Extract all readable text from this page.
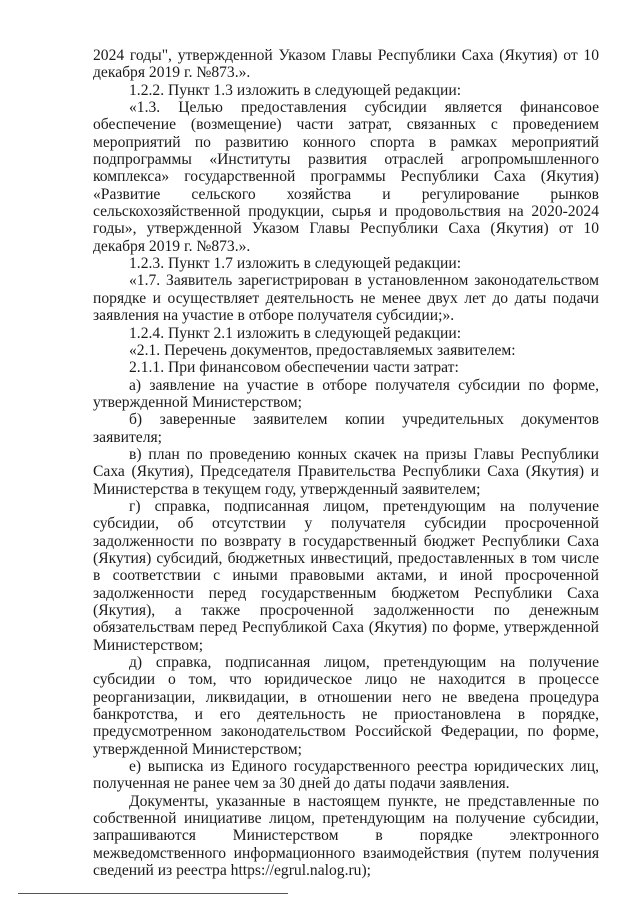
2024 годы", утвержденной Указом Главы Республики Саха (Якутия) от 10 декабря 2019 г. №873.».

1.2.2. Пункт 1.3 изложить в следующей редакции:

«1.3. Целью предоставления субсидии является финансовое обеспечение (возмещение) части затрат, связанных с проведением мероприятий по развитию конного спорта в рамках мероприятий подпрограммы «Институты развития отраслей агропромышленного комплекса» государственной программы Республики Саха (Якутия) «Развитие сельского хозяйства и регулирование рынков сельскохозяйственной продукции, сырья и продовольствия на 2020-2024 годы», утвержденной Указом Главы Республики Саха (Якутия) от 10 декабря 2019 г. №873.».

1.2.3. Пункт 1.7 изложить в следующей редакции:

«1.7. Заявитель зарегистрирован в установленном законодательством порядке и осуществляет деятельность не менее двух лет до даты подачи заявления на участие в отборе получателя субсидии;».

1.2.4. Пункт 2.1 изложить в следующей редакции:

«2.1. Перечень документов, предоставляемых заявителем:

2.1.1. При финансовом обеспечении части затрат:

а) заявление на участие в отборе получателя субсидии по форме, утвержденной Министерством;

б) заверенные заявителем копии учредительных документов заявителя;

в) план по проведению конных скачек на призы Главы Республики Саха (Якутия), Председателя Правительства Республики Саха (Якутия) и Министерства в текущем году, утвержденный заявителем;

г) справка, подписанная лицом, претендующим на получение субсидии, об отсутствии у получателя субсидии просроченной задолженности по возврату в государственный бюджет Республики Саха (Якутия) субсидий, бюджетных инвестиций, предоставленных в том числе в соответствии с иными правовыми актами, и иной просроченной задолженности перед государственным бюджетом Республики Саха (Якутия), а также просроченной задолженности по денежным обязательствам перед Республикой Саха (Якутия) по форме, утвержденной Министерством;

д) справка, подписанная лицом, претендующим на получение субсидии о том, что юридическое лицо не находится в процессе реорганизации, ликвидации, в отношении него не введена процедура банкротства, и его деятельность не приостановлена в порядке, предусмотренном законодательством Российской Федерации, по форме, утвержденной Министерством;

е) выписка из Единого государственного реестра юридических лиц, полученная не ранее чем за 30 дней до даты подачи заявления.

Документы, указанные в настоящем пункте, не представленные по собственной инициативе лицом, претендующим на получение субсидии, запрашиваются Министерством в порядке электронного межведомственного информационного взаимодействия (путем получения сведений из реестра https://egrul.nalog.ru);
